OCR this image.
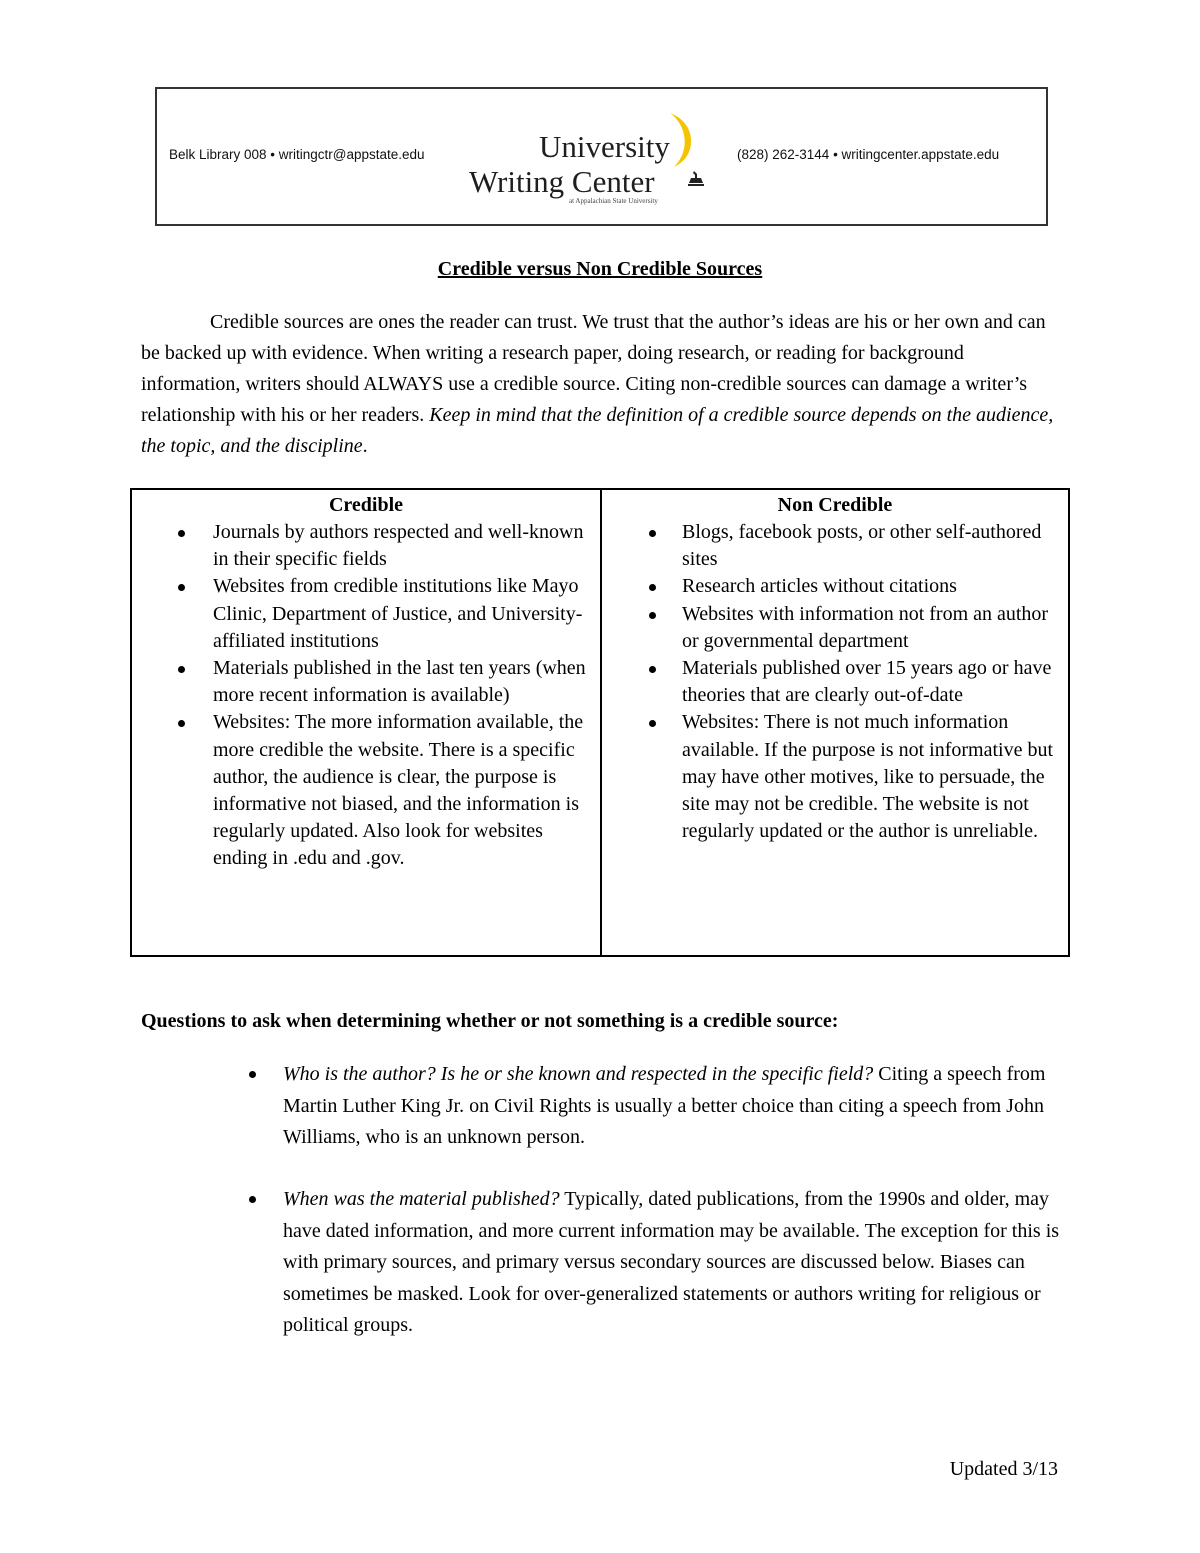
Belk Library 008 • writingctr@appstate.edu	University
Writing Center
at Appalachian State University
(828) 262-3144 • writingcenter.appstate.edu
Credible versus Non Credible Sources

Credible sources are ones the reader can trust. We trust that the author’s ideas are his or her own and can be backed up with evidence. When writing a research paper, doing research, or reading for background information, writers should ALWAYS use a credible source. Citing non-credible sources can damage a writer’s relationship with his or her readers. Keep in mind that the definition of a credible source depends on the audience, the topic, and the discipline.

Credible
Journals by authors respected and well-known in their specific fields
Websites from credible institutions like Mayo Clinic, Department of Justice, and University-affiliated institutions
Materials published in the last ten years (when more recent information is available)
Websites: The more information available, the more credible the website. There is a specific author, the audience is clear, the purpose is informative not biased, and the information is regularly updated. Also look for websites ending in .edu and .gov.
Non Credible
Blogs, facebook posts, or other self-authored sites
Research articles without citations
Websites with information not from an author or governmental department
Materials published over 15 years ago or have theories that are clearly out-of-date
Websites: There is not much information available. If the purpose is not informative but may have other motives, like to persuade, the site may not be credible. The website is not regularly updated or the author is unreliable.
Questions to ask when determining whether or not something is a credible source:
Who is the author? Is he or she known and respected in the specific field? Citing a speech from Martin Luther King Jr. on Civil Rights is usually a better choice than citing a speech from John Williams, who is an unknown person.
When was the material published? Typically, dated publications, from the 1990s and older, may have dated information, and more current information may be available. The exception for this is with primary sources, and primary versus secondary sources are discussed below. Biases can sometimes be masked. Look for over-generalized statements or authors writing for religious or political groups.
Updated 3/13
